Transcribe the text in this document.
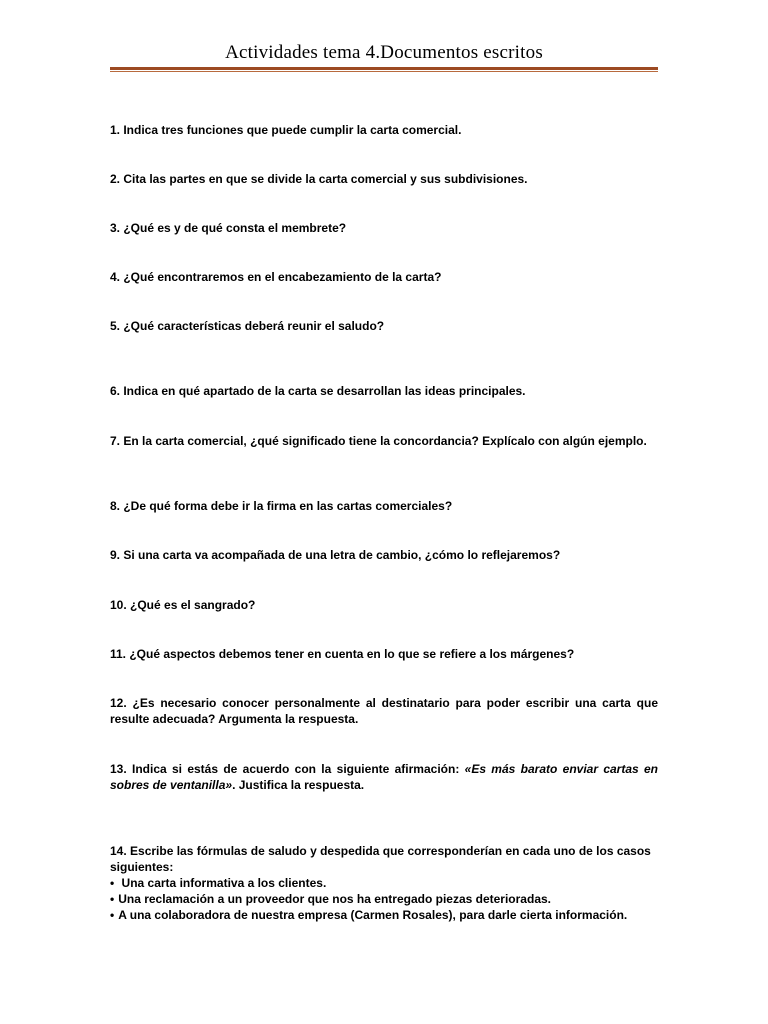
Actividades tema 4.Documentos escritos

1. Indica tres funciones que puede cumplir la carta comercial.

2. Cita las partes en que se divide la carta comercial y sus subdivisiones.

3. ¿Qué es y de qué consta el membrete?

4. ¿Qué encontraremos en el encabezamiento de la carta?

5. ¿Qué características deberá reunir el saludo?

6. Indica en qué apartado de la carta se desarrollan las ideas principales.

7. En la carta comercial, ¿qué significado tiene la concordancia? Explícalo con algún ejemplo.

8. ¿De qué forma debe ir la firma en las cartas comerciales?

9. Si una carta va acompañada de una letra de cambio, ¿cómo lo reflejaremos?

10. ¿Qué es el sangrado?

11. ¿Qué aspectos debemos tener en cuenta en lo que se refiere a los márgenes?

12. ¿Es necesario conocer personalmente al destinatario para poder escribir una carta que resulte adecuada? Argumenta la respuesta.

13. Indica si estás de acuerdo con la siguiente afirmación: «Es más barato enviar cartas en sobres de ventanilla». Justifica la respuesta.

14. Escribe las fórmulas de saludo y despedida que corresponderían en cada uno de los casos siguientes:
• Una carta informativa a los clientes.
• Una reclamación a un proveedor que nos ha entregado piezas deterioradas.
• A una colaboradora de nuestra empresa (Carmen Rosales), para darle cierta información.
